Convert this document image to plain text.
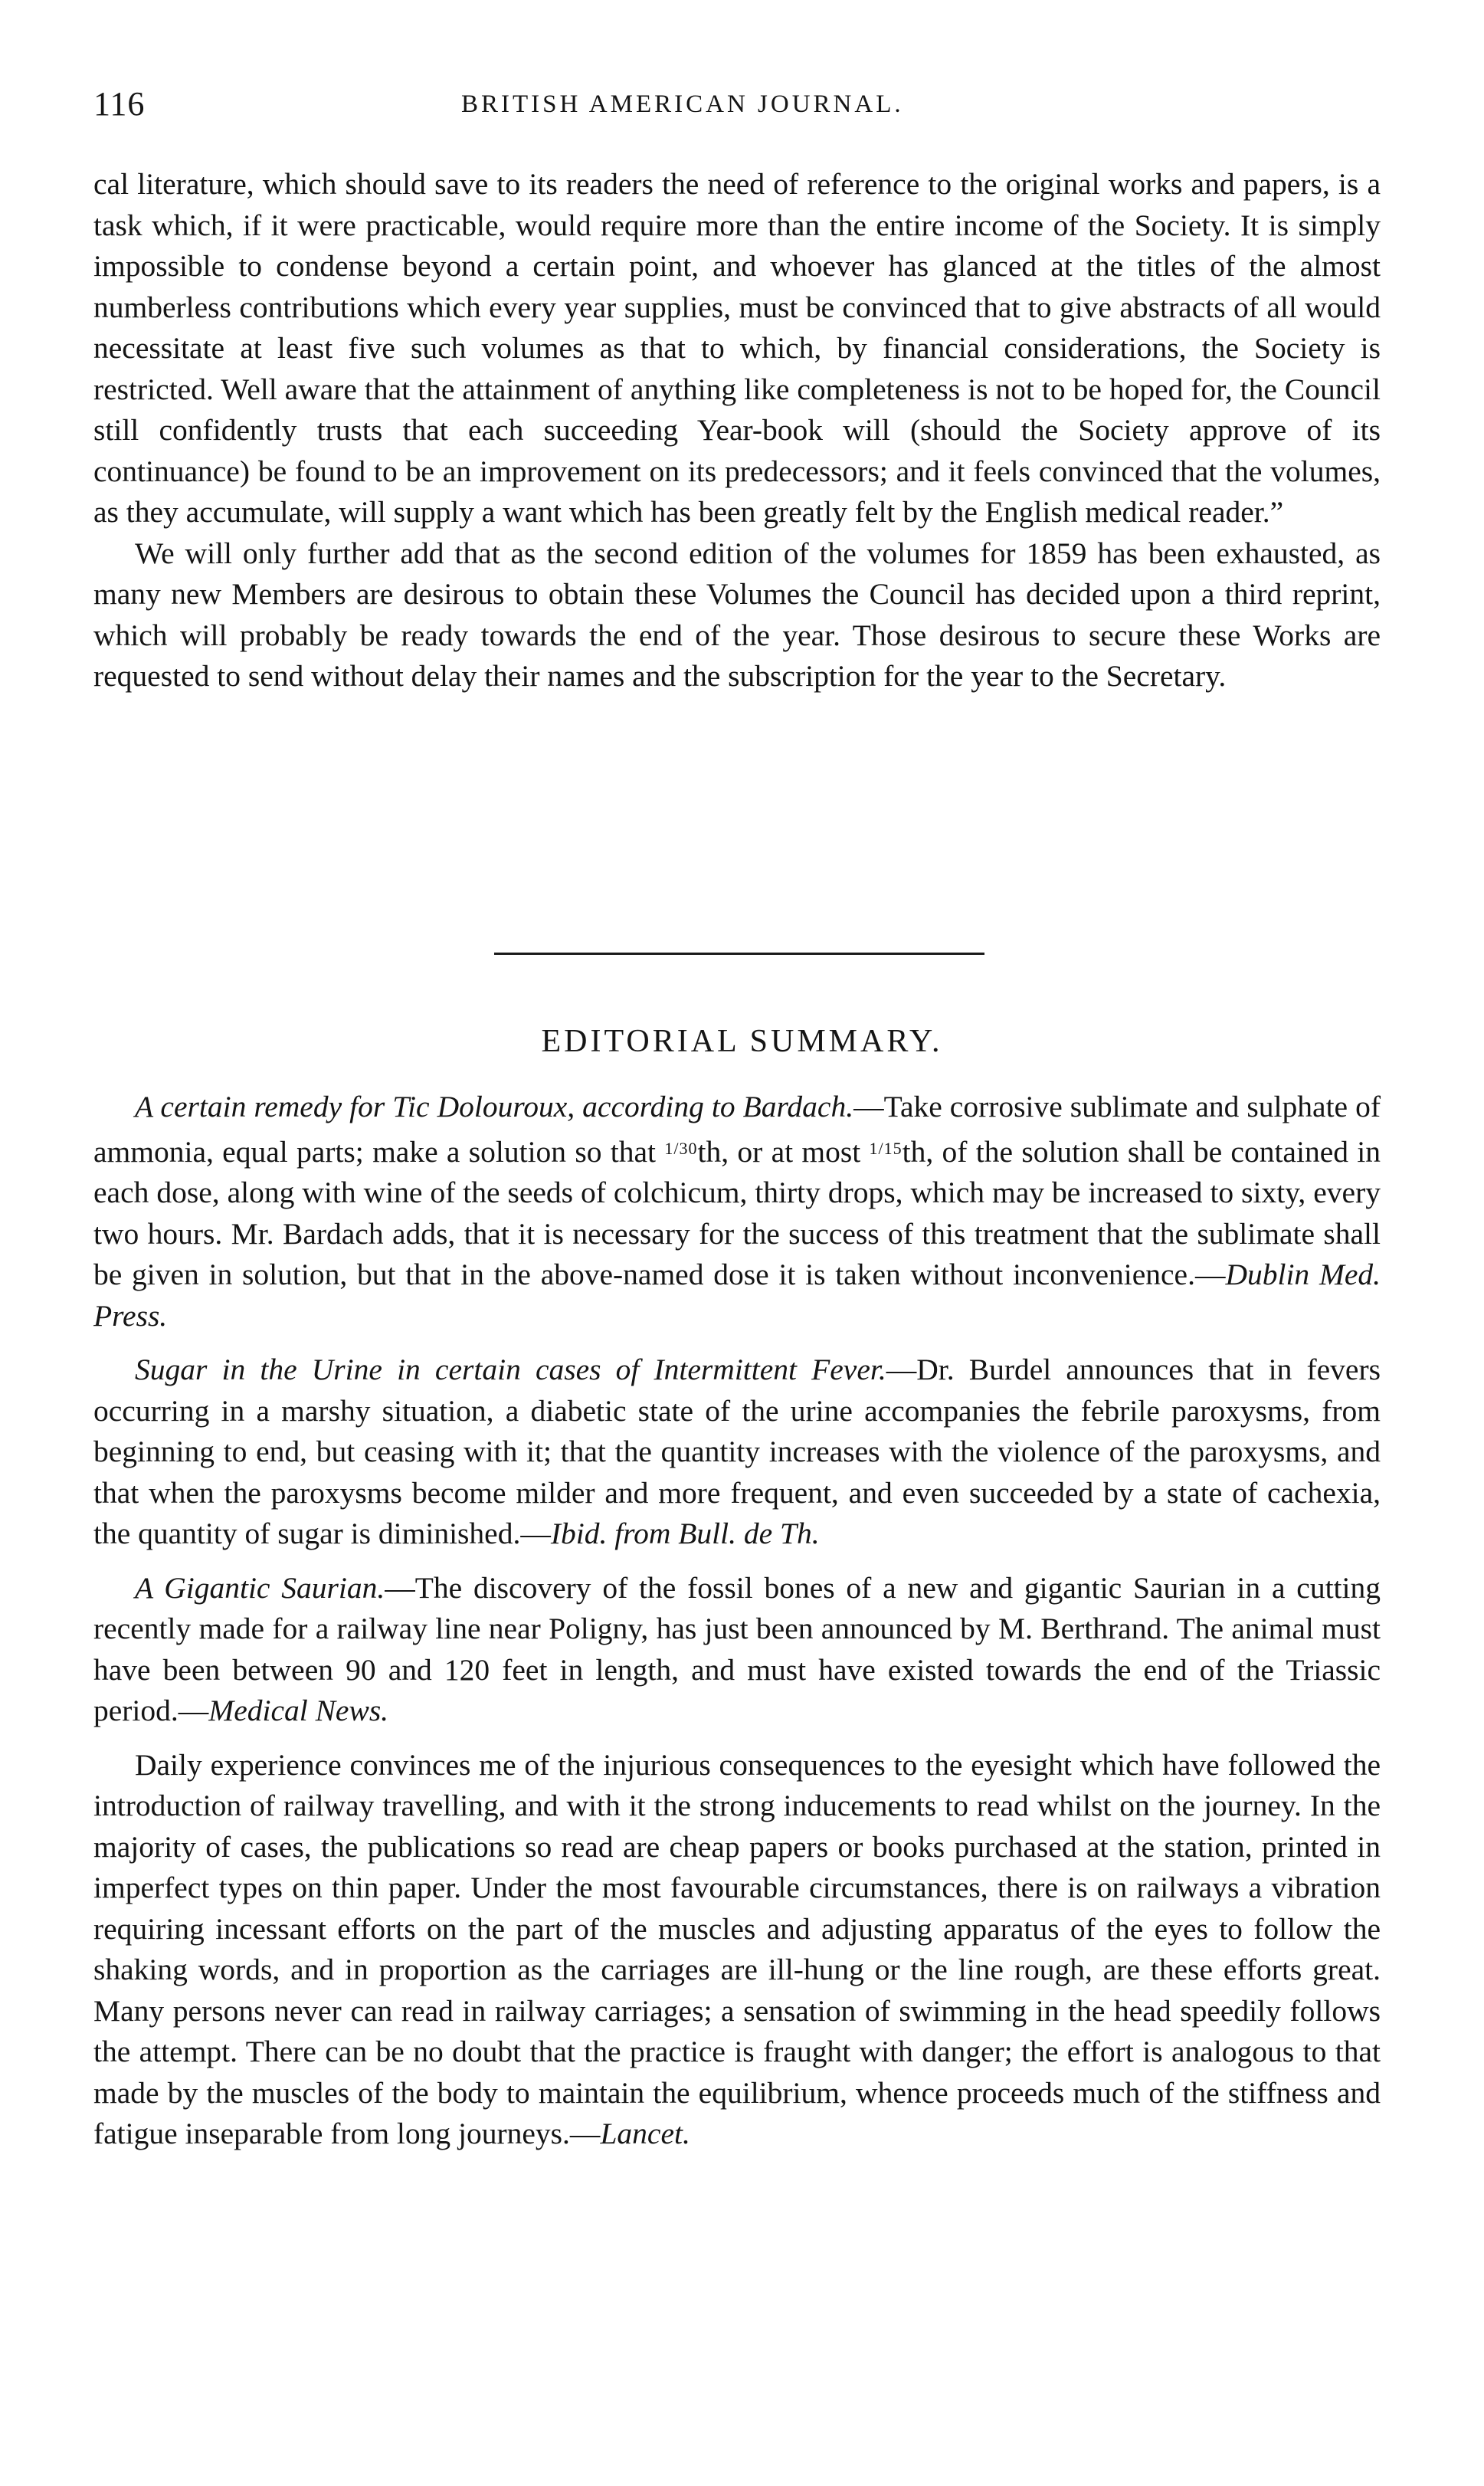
116	BRITISH AMERICAN JOURNAL.

cal literature, which should save to its readers the need of reference to the original works and papers, is a task which, if it were practicable, would require more than the entire income of the Society. It is simply impossible to condense beyond a certain point, and whoever has glanced at the titles of the almost numberless contributions which every year supplies, must be convinced that to give abstracts of all would necessitate at least five such volumes as that to which, by financial considerations, the Society is restricted. Well aware that the attainment of anything like completeness is not to be hoped for, the Council still confidently trusts that each succeeding Year-book will (should the Society approve of its continuance) be found to be an improvement on its predecessors; and it feels convinced that the volumes, as they accumulate, will supply a want which has been greatly felt by the English medical reader.”

We will only further add that as the second edition of the volumes for 1859 has been exhausted, as many new Members are desirous to obtain these Volumes the Council has decided upon a third reprint, which will probably be ready towards the end of the year. Those desirous to secure these Works are requested to send without delay their names and the subscription for the year to the Secretary.

EDITORIAL SUMMARY.

A certain remedy for Tic Dolouroux, according to Bardach.—Take corrosive sublimate and sulphate of ammonia, equal parts; make a solution so that $^{1/30}$th, or at most $^{1/15}$th, of the solution shall be contained in each dose, along with wine of the seeds of colchicum, thirty drops, which may be increased to sixty, every two hours. Mr. Bardach adds, that it is necessary for the success of this treatment that the sublimate shall be given in solution, but that in the above-named dose it is taken without inconvenience.—Dublin Med. Press.

Sugar in the Urine in certain cases of Intermittent Fever.—Dr. Burdel announces that in fevers occurring in a marshy situation, a diabetic state of the urine accompanies the febrile paroxysms, from beginning to end, but ceasing with it; that the quantity increases with the violence of the paroxysms, and that when the paroxysms become milder and more frequent, and even succeeded by a state of cachexia, the quantity of sugar is diminished.—Ibid. from Bull. de Th.

A Gigantic Saurian.—The discovery of the fossil bones of a new and gigantic Saurian in a cutting recently made for a railway line near Poligny, has just been announced by M. Berthrand. The animal must have been between 90 and 120 feet in length, and must have existed towards the end of the Triassic period.—Medical News.

Daily experience convinces me of the injurious consequences to the eyesight which have followed the introduction of railway travelling, and with it the strong inducements to read whilst on the journey. In the majority of cases, the publications so read are cheap papers or books purchased at the station, printed in imperfect types on thin paper. Under the most favourable circumstances, there is on railways a vibration requiring incessant efforts on the part of the muscles and adjusting apparatus of the eyes to follow the shaking words, and in proportion as the carriages are ill-hung or the line rough, are these efforts great. Many persons never can read in railway carriages; a sensation of swimming in the head speedily follows the attempt. There can be no doubt that the practice is fraught with danger; the effort is analogous to that made by the muscles of the body to maintain the equilibrium, whence proceeds much of the stiffness and fatigue inseparable from long journeys.—Lancet.
